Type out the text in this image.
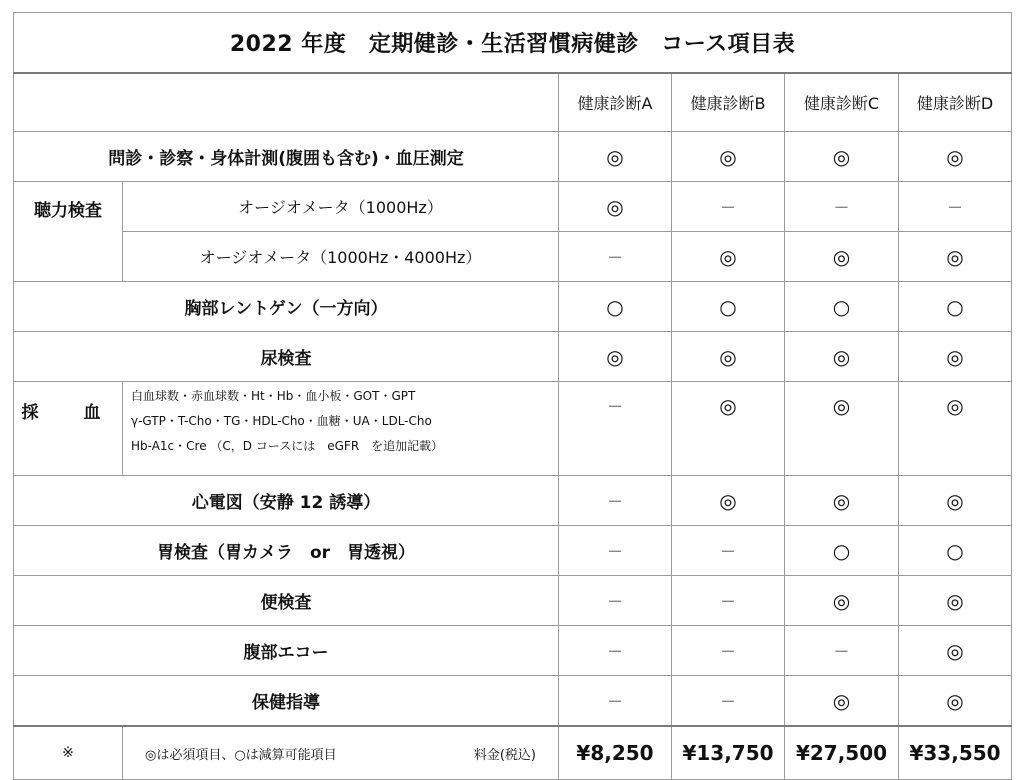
2022 年度　定期健診・生活習慣病健診　コース項目表					
		健康診断A	健康診断B	健康診断C	健康診断D
問診・診察・身体計測(腹囲も含む)・血圧測定		◎	◎	◎	◎
聴力検査	オージオメータ（1000Hz）	◎	－	－	－
	オージオメータ（1000Hz・4000Hz）	－	◎	◎	◎
胸部レントゲン（一方向）		○	○	○	○
尿検査		◎	◎	◎	◎
採　血	白血球数・赤血球数・Ht・Hb・血小板・GOT・GPT
γ-GTP・T-Cho・TG・HDL-Cho・血糖・UA・LDL-Cho
Hb-A1c・Cre （C，D コースには　eGFR　を追加記載）	－	◎	◎	◎
心電図（安静 12 誘導）		－	◎	◎	◎
胃検査（胃カメラ　or　胃透視）		－	－	○	○
便検査		－	－	◎	◎
腹部エコー		－	－	－	◎
保健指導		－	－	◎	◎
※	◎は必須項目、○は減算可能項目 料金(税込)	¥8,250	¥13,750	¥27,500	¥33,550
